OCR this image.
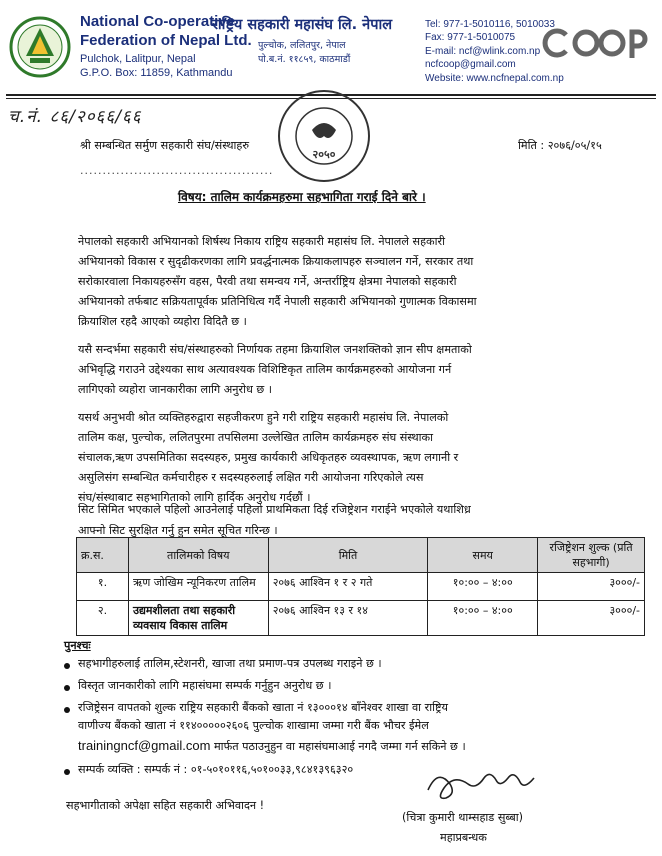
National Co-operative
Federation of Nepal Ltd.
Pulchok, Lalitpur, Nepal
G.P.O. Box: 11859, Kathmandu
राष्ट्रिय सहकारी महासंघ लि. नेपाल
पुल्चोक, ललितपुर, नेपाल
पो.ब.नं. ११८५९, काठमाडौं
Tel: 977-1-5010116, 5010033
Fax: 977-1-5010075
E-mail: ncf@wlink.com.np
ncfcoop@gmail.com
Website: www.ncfnepal.com.np
च.नं. ८६/२०६६/६६
२०५०
श्री सम्बन्धित सर्मुण सहकारी संघ/संस्थाहरु	मिति : २०७६/०५/१५
...........................................
विषय: तालिम कार्यक्रमहरुमा सहभागिता गराई दिने बारे ।
नेपालको सहकारी अभियानको शिर्षस्थ निकाय राष्ट्रिय सहकारी महासंघ लि. नेपालले सहकारी
अभियानको विकास र सुदृढीकरणका लागि प्रवर्द्धनात्मक क्रियाकलापहरु सञ्चालन गर्ने, सरकार तथा
सरोकारवाला निकायहरुसँग वहस, पैरवी तथा समन्वय गर्ने, अन्तर्राष्ट्रिय क्षेत्रमा नेपालको सहकारी
अभियानको तर्फबाट सक्रियतापूर्वक प्रतिनिधित्व गर्दै नेपाली सहकारी अभियानको गुणात्मक विकासमा
क्रियाशिल रहदै आएको व्यहोरा विदितै छ ।
यसै सन्दर्भमा सहकारी संघ/संस्थाहरुको निर्णायक तहमा क्रियाशिल जनशक्तिको ज्ञान सीप क्षमताको
अभिवृद्धि गराउने उद्देश्यका साथ अत्यावश्यक विशिष्टिकृत तालिम कार्यक्रमहरुको आयोजना गर्न
लागिएको व्यहोरा जानकारीका लागि अनुरोध छ ।
यसर्थ अनुभवी श्रोत व्यक्तिहरुद्वारा सहजीकरण हुने गरी राष्ट्रिय सहकारी महासंघ लि. नेपालको
तालिम कक्ष, पुल्चोक, ललितपुरमा तपसिलमा उल्लेखित तालिम कार्यक्रमहरु संघ संस्थाका
संचालक,ऋण उपसमितिका सदस्यहरु, प्रमुख कार्यकारी अधिकृतहरु व्यवस्थापक, ऋण लगानी र
असुलिसंग सम्बन्धित कर्मचारीहरु र सदस्यहरुलाई लक्षित गरी आयोजना गरिएकोले त्यस
संघ/संस्थाबाट सहभागिताको लागि हार्दिक अनुरोध गर्दछौं ।
सिट सिमित भएकाले पहिलो आउनेलाई पहिलो प्राथमिकता दिई रजिष्ट्रेशन गराईने भएकोले यथाशिध्र
आफ्नो सिट सुरक्षित गर्नु हुन समेत सूचित गरिन्छ ।
क्र.स.	तालिमको विषय	मिति	समय	रजिष्ट्रेशन शुल्क (प्रति सहभागी)
१.	ऋण जोखिम न्यूनिकरण तालिम	२०७६ आश्विन १ र २ गते	१०:०० – ४:००	३०००/-
२.	उद्यमशीलता तथा सहकारी व्यवसाय विकास तालिम	२०७६ आश्विन १३ र १४	१०:०० – ४:००	३०००/-
पुनश्चः
सहभागीहरुलाई तालिम,स्टेशनरी, खाजा तथा प्रमाण-पत्र उपलब्ध गराइने छ ।
विस्तृत जानकारीको लागि महासंघमा सम्पर्क गर्नुहुन अनुरोध छ ।
रजिष्ट्रेसन वापतको शुल्क राष्ट्रिय सहकारी बैंकको खाता नं १३०००१४ बाँनेश्वर शाखा वा राष्ट्रिय
वाणीज्य बैंकको खाता नं ११४०००००२६०६ पुल्चोक शाखामा जम्मा गरी बैंक भौचर ईमेल
trainingncf@gmail.com मार्फत पठाउनुहुन वा महासंघमाआई नगदै जम्मा गर्न सकिने छ ।
सम्पर्क व्यक्ति : सम्पर्क नं : ०१-५०१०११६,५०१००३३,९८४१३९६३२०
सहभागीताको अपेक्षा सहित सहकारी अभिवादन !
(चित्रा कुमारी थाम्सहाड सुब्बा)
महाप्रबन्धक
